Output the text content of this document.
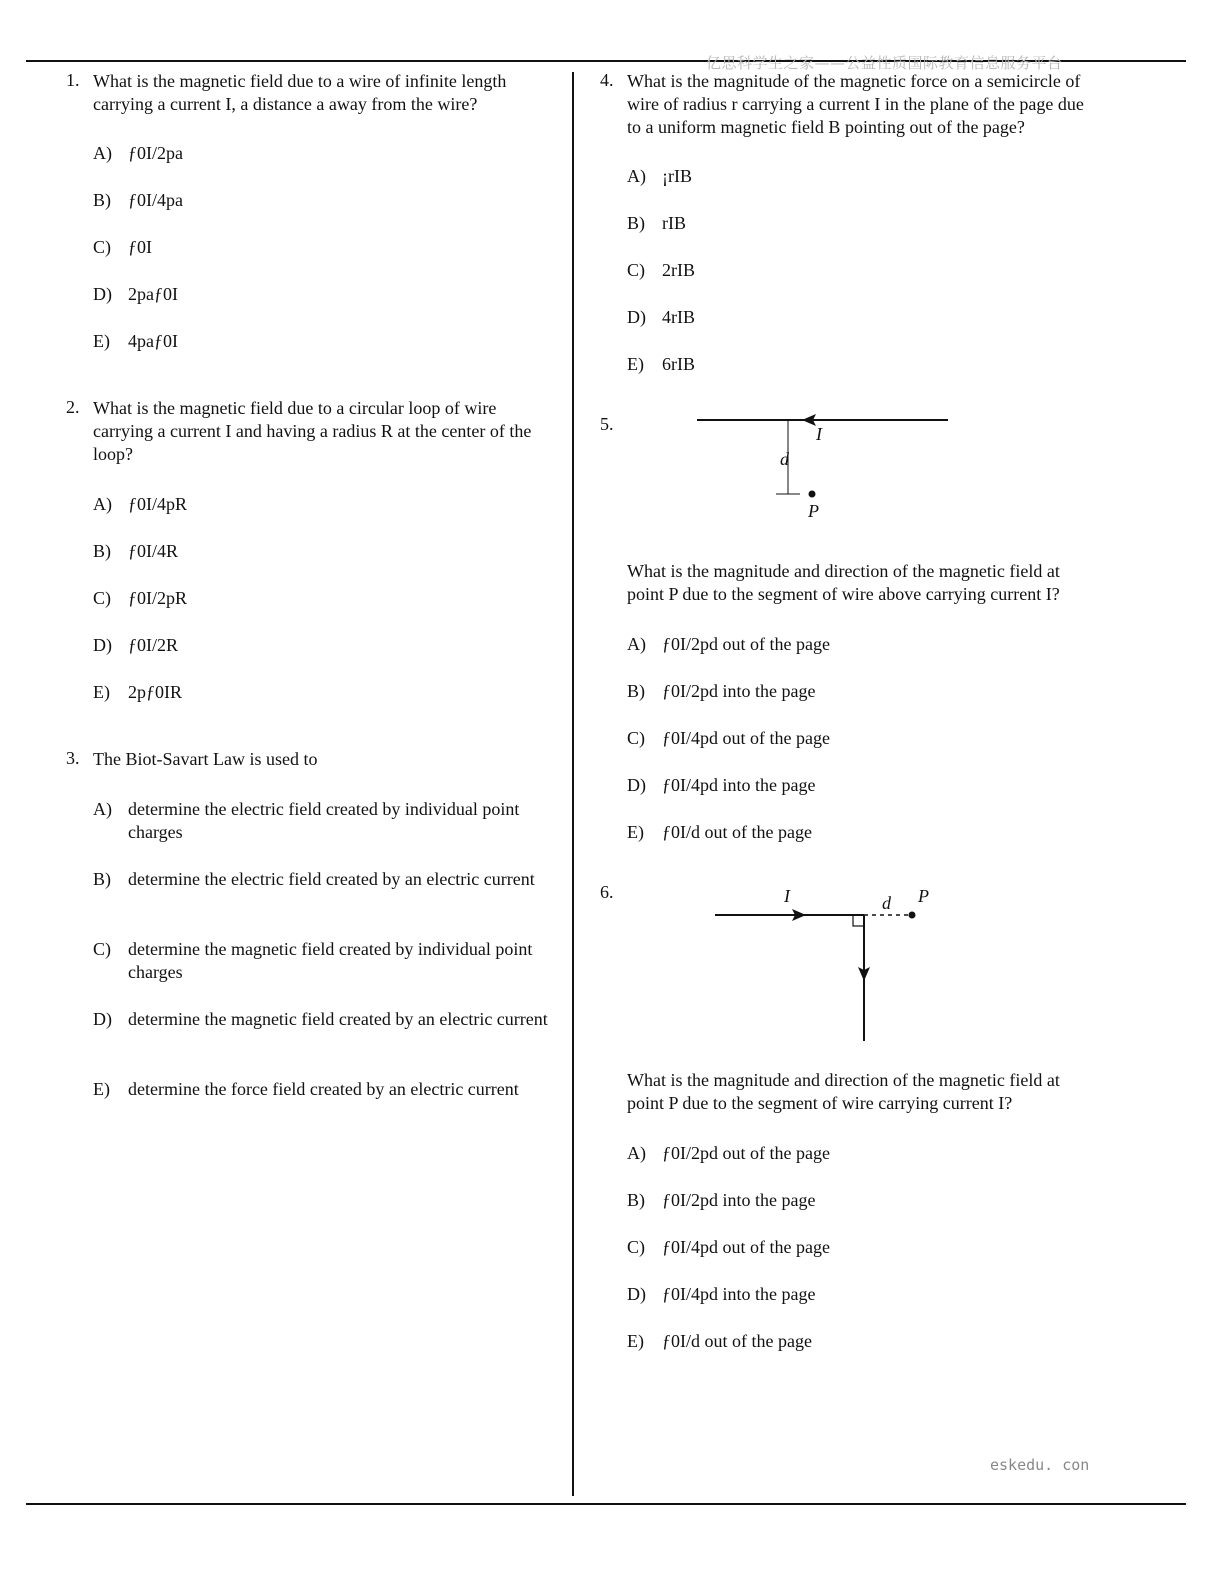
亿思科学生之家——公益性质国际教育信息服务平台
eskedu. con
1. What is the magnetic field due to a wire of infinite length carrying a current I, a distance a away from the wire?
A) ƒ0I/2pa
B) ƒ0I/4pa
C) ƒ0I
D) 2paƒ0I
E) 4paƒ0I
2. What is the magnetic field due to a circular loop of wire carrying a current I and having a radius R at the center of the loop?
A) ƒ0I/4pR
B) ƒ0I/4R
C) ƒ0I/2pR
D) ƒ0I/2R
E) 2pƒ0IR
3. The Biot-Savart Law is used to
A) determine the electric field created by individual point charges
B) determine the electric field created by an electric current
C) determine the magnetic field created by individual point charges
D) determine the magnetic field created by an electric current
E) determine the force field created by an electric current
4. What is the magnitude of the magnetic force on a semicircle of wire of radius r carrying a current I in the plane of the page due to a uniform magnetic field B pointing out of the page?
A) ¡rIB
B) rIB
C) 2rIB
D) 4rIB
E) 6rIB
5.	I
d
P
What is the magnitude and direction of the magnetic field at point P due to the segment of wire above carrying current I?
A) ƒ0I/2pd out of the page
B) ƒ0I/2pd into the page
C) ƒ0I/4pd out of the page
D) ƒ0I/4pd into the page
E) ƒ0I/d out of the page
6.	I	d P
What is the magnitude and direction of the magnetic field at point P due to the segment of wire carrying current I?
A) ƒ0I/2pd out of the page
B) ƒ0I/2pd into the page
C) ƒ0I/4pd out of the page
D) ƒ0I/4pd into the page
E) ƒ0I/d out of the page
